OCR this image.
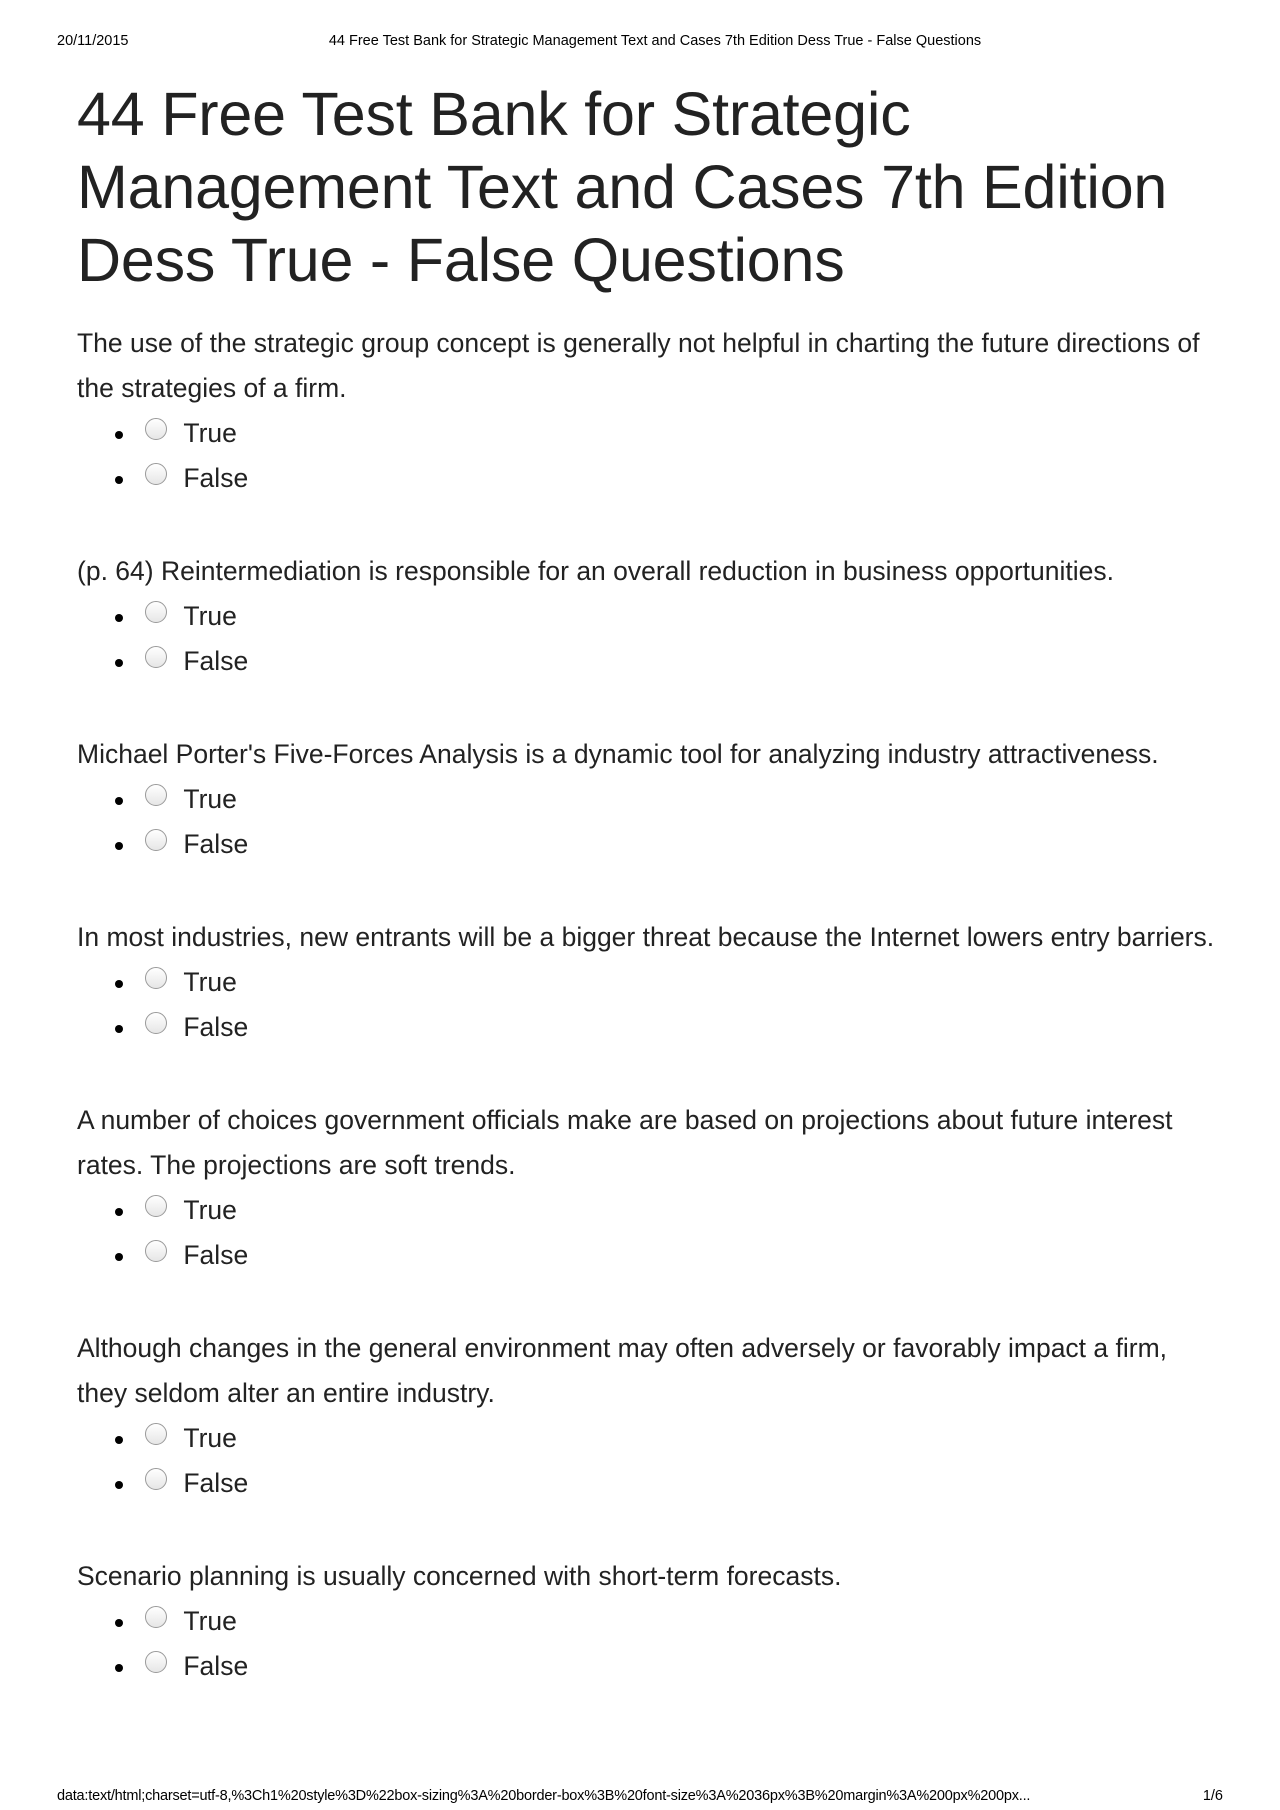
20/11/2015	44 Free Test Bank for Strategic Management Text and Cases 7th Edition Dess True - False Questions
44 Free Test Bank for Strategic Management Text and Cases 7th Edition Dess True - False Questions
The use of the strategic group concept is generally not helpful in charting the future directions of the strategies of a firm.
True
False
(p. 64) Reintermediation is responsible for an overall reduction in business opportunities.
True
False
Michael Porter's Five-Forces Analysis is a dynamic tool for analyzing industry attractiveness.
True
False
In most industries, new entrants will be a bigger threat because the Internet lowers entry barriers.
True
False
A number of choices government officials make are based on projections about future interest rates. The projections are soft trends.
True
False
Although changes in the general environment may often adversely or favorably impact a firm, they seldom alter an entire industry.
True
False
Scenario planning is usually concerned with short-term forecasts.
True
False
data:text/html;charset=utf-8,%3Ch1%20style%3D%22box-sizing%3A%20border-box%3B%20font-size%3A%2036px%3B%20margin%3A%200px%200px...	1/6
